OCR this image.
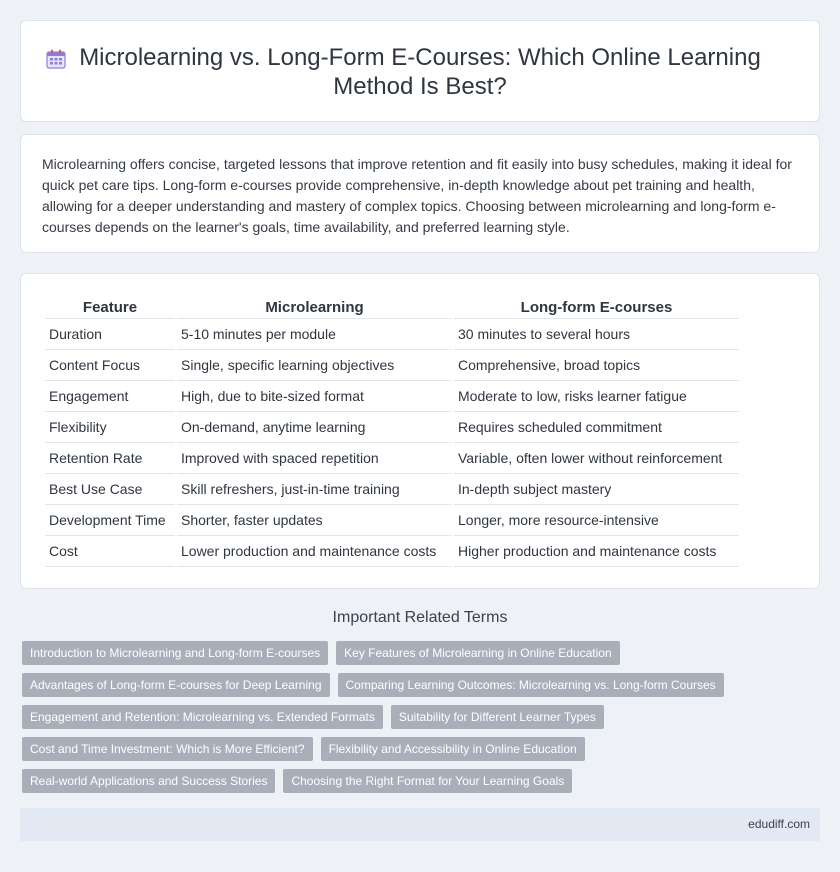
Microlearning vs. Long-Form E-Courses: Which Online Learning Method Is Best?

Microlearning offers concise, targeted lessons that improve retention and fit easily into busy schedules, making it ideal for quick pet care tips. Long-form e-courses provide comprehensive, in-depth knowledge about pet training and health, allowing for a deeper understanding and mastery of complex topics. Choosing between microlearning and long-form e-courses depends on the learner's goals, time availability, and preferred learning style.

Feature	Microlearning	Long-form E-courses
Duration	5-10 minutes per module	30 minutes to several hours
Content Focus	Single, specific learning objectives	Comprehensive, broad topics
Engagement	High, due to bite-sized format	Moderate to low, risks learner fatigue
Flexibility	On-demand, anytime learning	Requires scheduled commitment
Retention Rate	Improved with spaced repetition	Variable, often lower without reinforcement
Best Use Case	Skill refreshers, just-in-time training	In-depth subject mastery
Development Time	Shorter, faster updates	Longer, more resource-intensive
Cost	Lower production and maintenance costs	Higher production and maintenance costs
Important Related Terms
Introduction to Microlearning and Long-form E-courses	Key Features of Microlearning in Online Education
Advantages of Long-form E-courses for Deep Learning	Comparing Learning Outcomes: Microlearning vs. Long-form Courses
Engagement and Retention: Microlearning vs. Extended Formats	Suitability for Different Learner Types
Cost and Time Investment: Which is More Efficient?	Flexibility and Accessibility in Online Education
Real-world Applications and Success Stories	Choosing the Right Format for Your Learning Goals
edudiff.com
